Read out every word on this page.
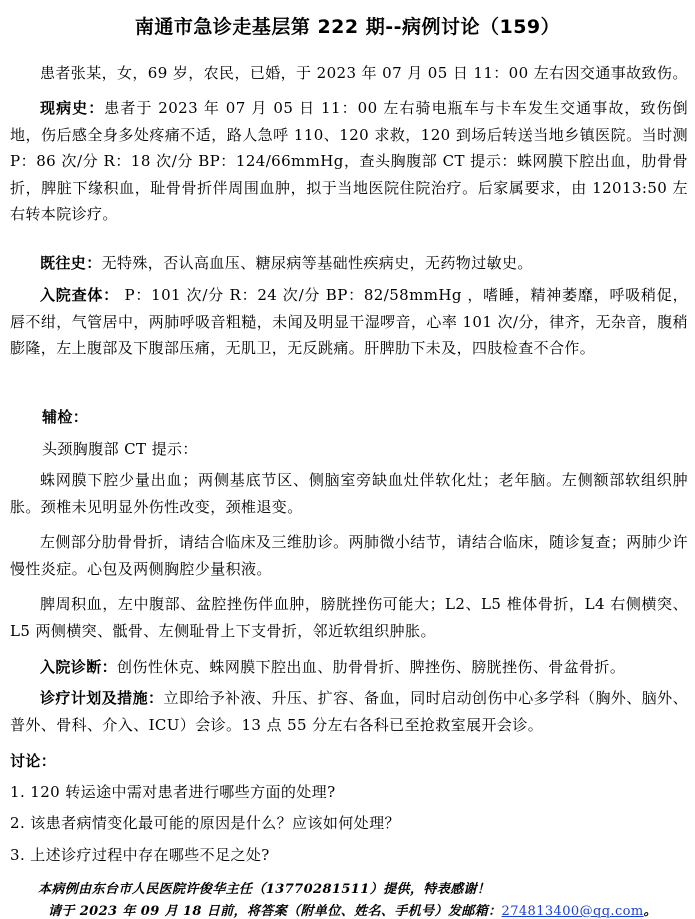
南通市急诊走基层第 222 期--病例讨论（159）
患者张某，女，69 岁，农民，已婚，于 2023 年 07 月 05 日 11：00 左右因交通事故致伤。
现病史：患者于 2023 年 07 月 05 日 11：00 左右骑电瓶车与卡车发生交通事故，致伤倒地，伤后感全身多处疼痛不适，路人急呼 110、120 求救，120 到场后转送当地乡镇医院。当时测 P：86 次/分 R：18 次/分 BP：124/66mmHg，查头胸腹部 CT 提示：蛛网膜下腔出血，肋骨骨折，脾脏下缘积血，耻骨骨折伴周围血肿，拟于当地医院住院治疗。后家属要求，由 12013:50 左右转本院诊疗。
既往史：无特殊，否认高血压、糖尿病等基础性疾病史，无药物过敏史。
入院查体： P：101 次/分 R：24 次/分 BP：82/58mmHg ，嗜睡，精神萎靡，呼吸稍促，唇不绀，气管居中，两肺呼吸音粗糙，未闻及明显干湿啰音，心率 101 次/分，律齐，无杂音，腹稍膨隆，左上腹部及下腹部压痛，无肌卫，无反跳痛。肝脾肋下未及，四肢检查不合作。
辅检：
头颈胸腹部 CT 提示：
蛛网膜下腔少量出血；两侧基底节区、侧脑室旁缺血灶伴软化灶；老年脑。左侧额部软组织肿胀。颈椎未见明显外伤性改变，颈椎退变。
左侧部分肋骨骨折，请结合临床及三维肋诊。两肺微小结节，请结合临床，随诊复查；两肺少许慢性炎症。心包及两侧胸腔少量积液。
脾周积血，左中腹部、盆腔挫伤伴血肿，膀胱挫伤可能大；L2、L5 椎体骨折，L4 右侧横突、L5 两侧横突、骶骨、左侧耻骨上下支骨折，邻近软组织肿胀。
入院诊断：创伤性休克、蛛网膜下腔出血、肋骨骨折、脾挫伤、膀胱挫伤、骨盆骨折。
诊疗计划及措施：立即给予补液、升压、扩容、备血，同时启动创伤中心多学科（胸外、脑外、普外、骨科、介入、ICU）会诊。13 点 55 分左右各科已至抢救室展开会诊。
讨论：
1. 120 转运途中需对患者进行哪些方面的处理?
2. 该患者病情变化最可能的原因是什么？应该如何处理？
3. 上述诊疗过程中存在哪些不足之处?
本病例由东台市人民医院许俊华主任（13770281511）提供，特表感谢！
请于 2023 年 09 月 18 日前，将答案（附单位、姓名、手机号）发邮箱：274813400@qq.com。
